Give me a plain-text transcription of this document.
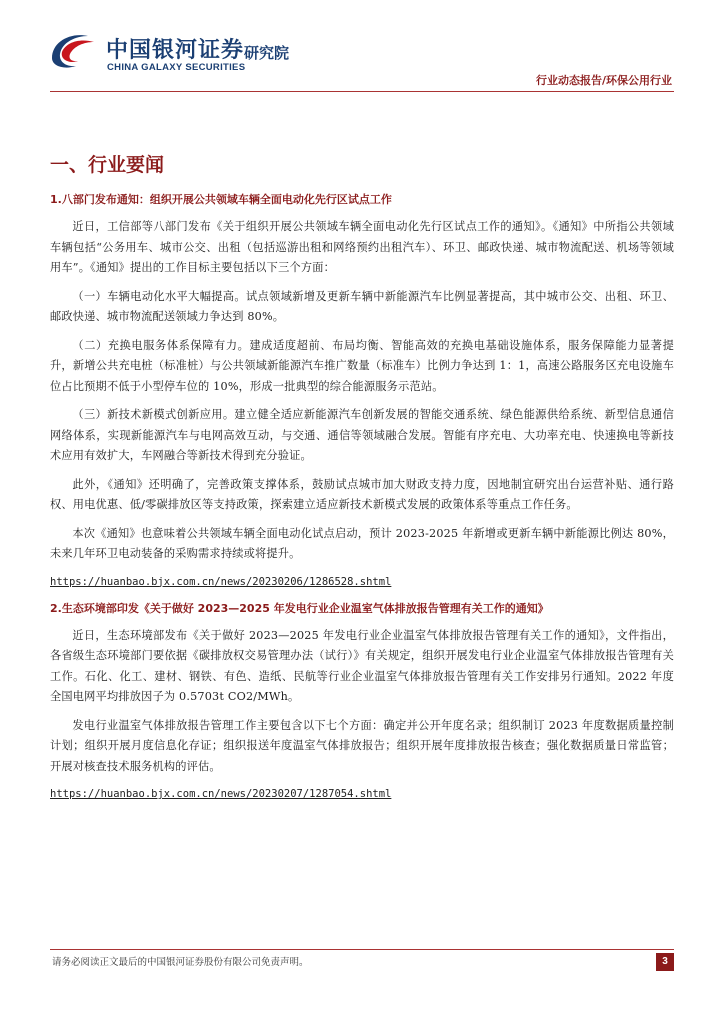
中国银河证券
CHINA GALAXY SECURITIES
研究院
行业动态报告/环保公用行业
一、行业要闻
1.八部门发布通知：组织开展公共领域车辆全面电动化先行区试点工作

近日，工信部等八部门发布《关于组织开展公共领域车辆全面电动化先行区试点工作的通知》。《通知》中所指公共领域车辆包括“公务用车、城市公交、出租（包括巡游出租和网络预约出租汽车）、环卫、邮政快递、城市物流配送、机场等领域用车”。《通知》提出的工作目标主要包括以下三个方面：

（一）车辆电动化水平大幅提高。试点领域新增及更新车辆中新能源汽车比例显著提高，其中城市公交、出租、环卫、邮政快递、城市物流配送领域力争达到 80%。

（二）充换电服务体系保障有力。建成适度超前、布局均衡、智能高效的充换电基础设施体系，服务保障能力显著提升，新增公共充电桩（标准桩）与公共领域新能源汽车推广数量（标准车）比例力争达到 1：1，高速公路服务区充电设施车位占比预期不低于小型停车位的 10%，形成一批典型的综合能源服务示范站。

（三）新技术新模式创新应用。建立健全适应新能源汽车创新发展的智能交通系统、绿色能源供给系统、新型信息通信网络体系，实现新能源汽车与电网高效互动，与交通、通信等领域融合发展。智能有序充电、大功率充电、快速换电等新技术应用有效扩大，车网融合等新技术得到充分验证。

此外，《通知》还明确了，完善政策支撑体系，鼓励试点城市加大财政支持力度，因地制宜研究出台运营补贴、通行路权、用电优惠、低/零碳排放区等支持政策，探索建立适应新技术新模式发展的政策体系等重点工作任务。

本次《通知》也意味着公共领域车辆全面电动化试点启动，预计 2023-2025 年新增或更新车辆中新能源比例达 80%，未来几年环卫电动装备的采购需求持续或将提升。

https://huanbao.bjx.com.cn/news/20230206/1286528.shtml
2.生态环境部印发《关于做好 2023—2025 年发电行业企业温室气体排放报告管理有关工作的通知》

近日，生态环境部发布《关于做好 2023—2025 年发电行业企业温室气体排放报告管理有关工作的通知》，文件指出，各省级生态环境部门要依据《碳排放权交易管理办法（试行）》有关规定，组织开展发电行业企业温室气体排放报告管理有关工作。石化、化工、建材、钢铁、有色、造纸、民航等行业企业温室气体排放报告管理有关工作安排另行通知。2022 年度全国电网平均排放因子为 0.5703t CO2/MWh。

发电行业温室气体排放报告管理工作主要包含以下七个方面：确定并公开年度名录；组织制订 2023 年度数据质量控制计划；组织开展月度信息化存证；组织报送年度温室气体排放报告；组织开展年度排放报告核查；强化数据质量日常监管；开展对核查技术服务机构的评估。

https://huanbao.bjx.com.cn/news/20230207/1287054.shtml
请务必阅读正文最后的中国银河证券股份有限公司免责声明。	3
